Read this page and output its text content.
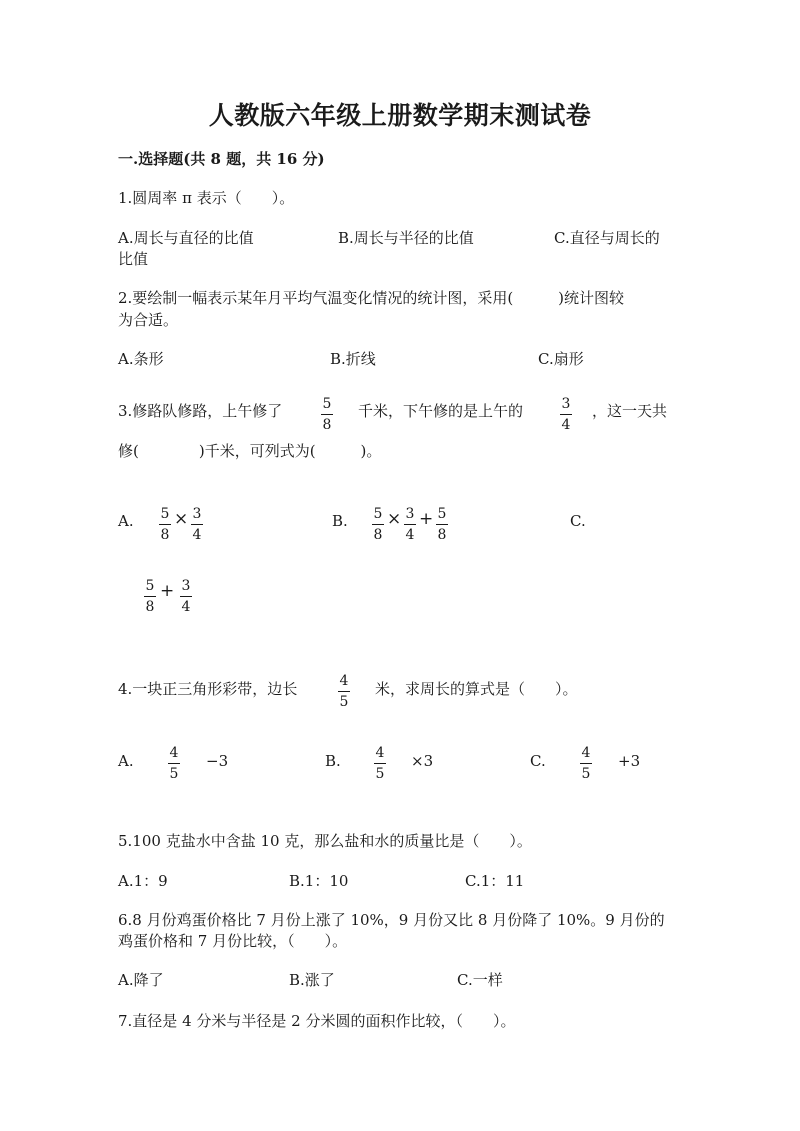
人教版六年级上册数学期末测试卷
一.选择题(共 8 题，共 16 分)
1.圆周率 π 表示（　　）。
A.周长与直径的比值	B.周长与半径的比值	C.直径与周长的
比值
2.要绘制一幅表示某年月平均气温变化情况的统计图，采用(　　　)统计图较
为合适。
A.条形	B.折线	C.扇形
3.修路队修路，上午修了	5
8
千米，下午修的是上午的	3
4
，这一天共
修(　　　　)千米，可列式为(　　　)。
A. 5
8
× 3
4
B. 5
8
× 3
4
+ 5
8
C.
5
8
+ 3
4
4.一块正三角形彩带，边长	4
5
米，求周长的算式是（　　）。
A.	4
5
−3	B. 4
5
×3	C.	4
5
+3
5.100 克盐水中含盐 10 克，那么盐和水的质量比是（　　）。
A.1：9	B.1：10	C.1：11
6.8 月份鸡蛋价格比 7 月份上涨了 10%，9 月份又比 8 月份降了 10%。9 月份的
鸡蛋价格和 7 月份比较，（　　）。
A.降了	B.涨了	C.一样
7.直径是 4 分米与半径是 2 分米圆的面积作比较，（　　）。
